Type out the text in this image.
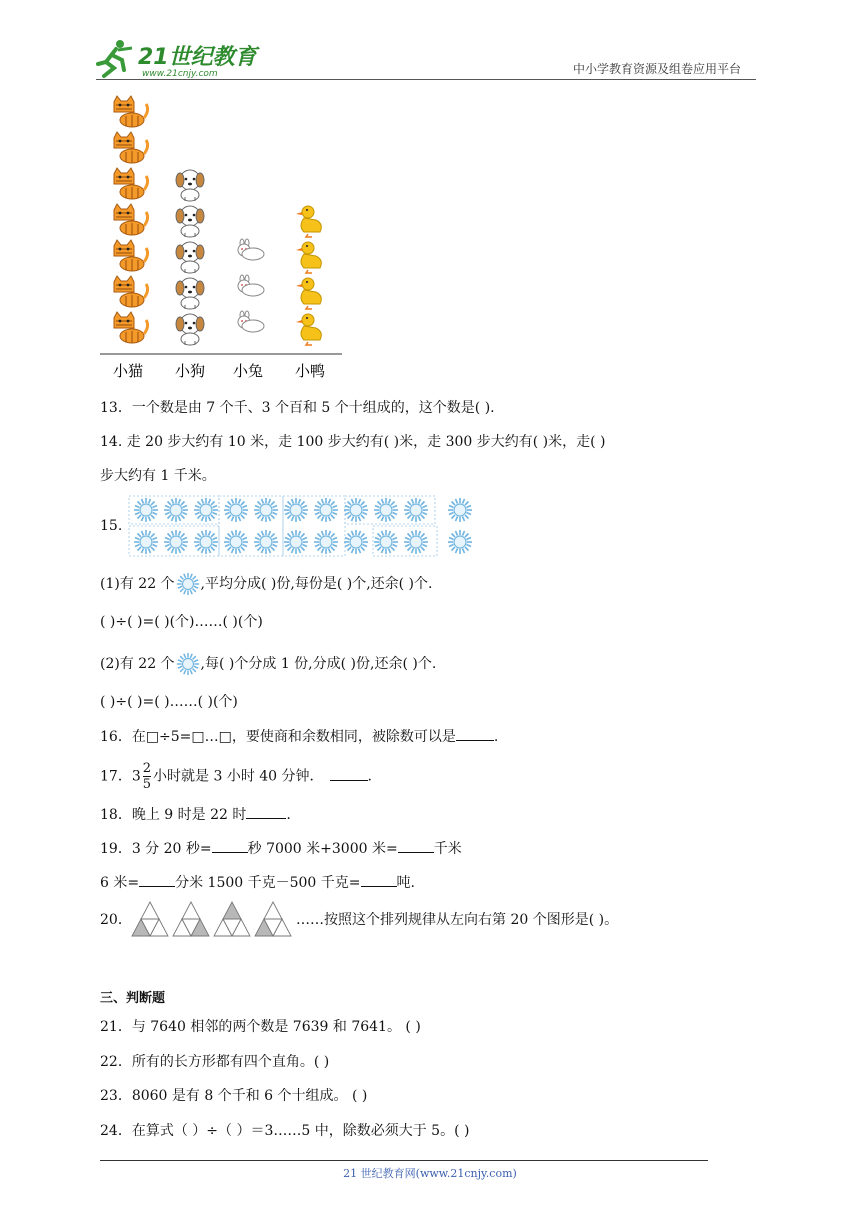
21世纪教育
www.21cnjy.com	中小学教育资源及组卷应用平台
小猫 小狗 小兔 小鸭
13．一个数是由 7 个千、3 个百和 5 个十组成的，这个数是( ).
14. 走 20 步大约有 10 米，走 100 步大约有( )米，走 300 步大约有( )米，走( )
步大约有 1 千米。
15.
(1)有 22 个 ,平均分成( )份,每份是( )个,还余( )个.
( )÷( )=( )(个)……( )(个)
(2)有 22 个 ,每( )个分成 1 份,分成( )份,还余( )个.
( )÷( )=( )……( )(个)
16．在□÷5=□…□，要使商和余数相同，被除数可以是	.
17．$3 \frac{2}{5}$ 小时就是 3 小时 40 分钟．	.
18．晚上 9 时是 22 时	.
19．3 分 20 秒=	秒 7000 米+3000 米=	千米
6 米=	分米 1500 千克－500 千克=	吨.
20．	……按照这个排列规律从左向右第 20 个图形是( )。
三、判断题
21．与 7640 相邻的两个数是 7639 和 7641。 ( )
22．所有的长方形都有四个直角。( )
23．8060 是有 8 个千和 6 个十组成。 ( )
24．在算式（ ）÷（ ）＝3……5 中，除数必须大于 5。( )
21 世纪教育网(www.21cnjy.com)
